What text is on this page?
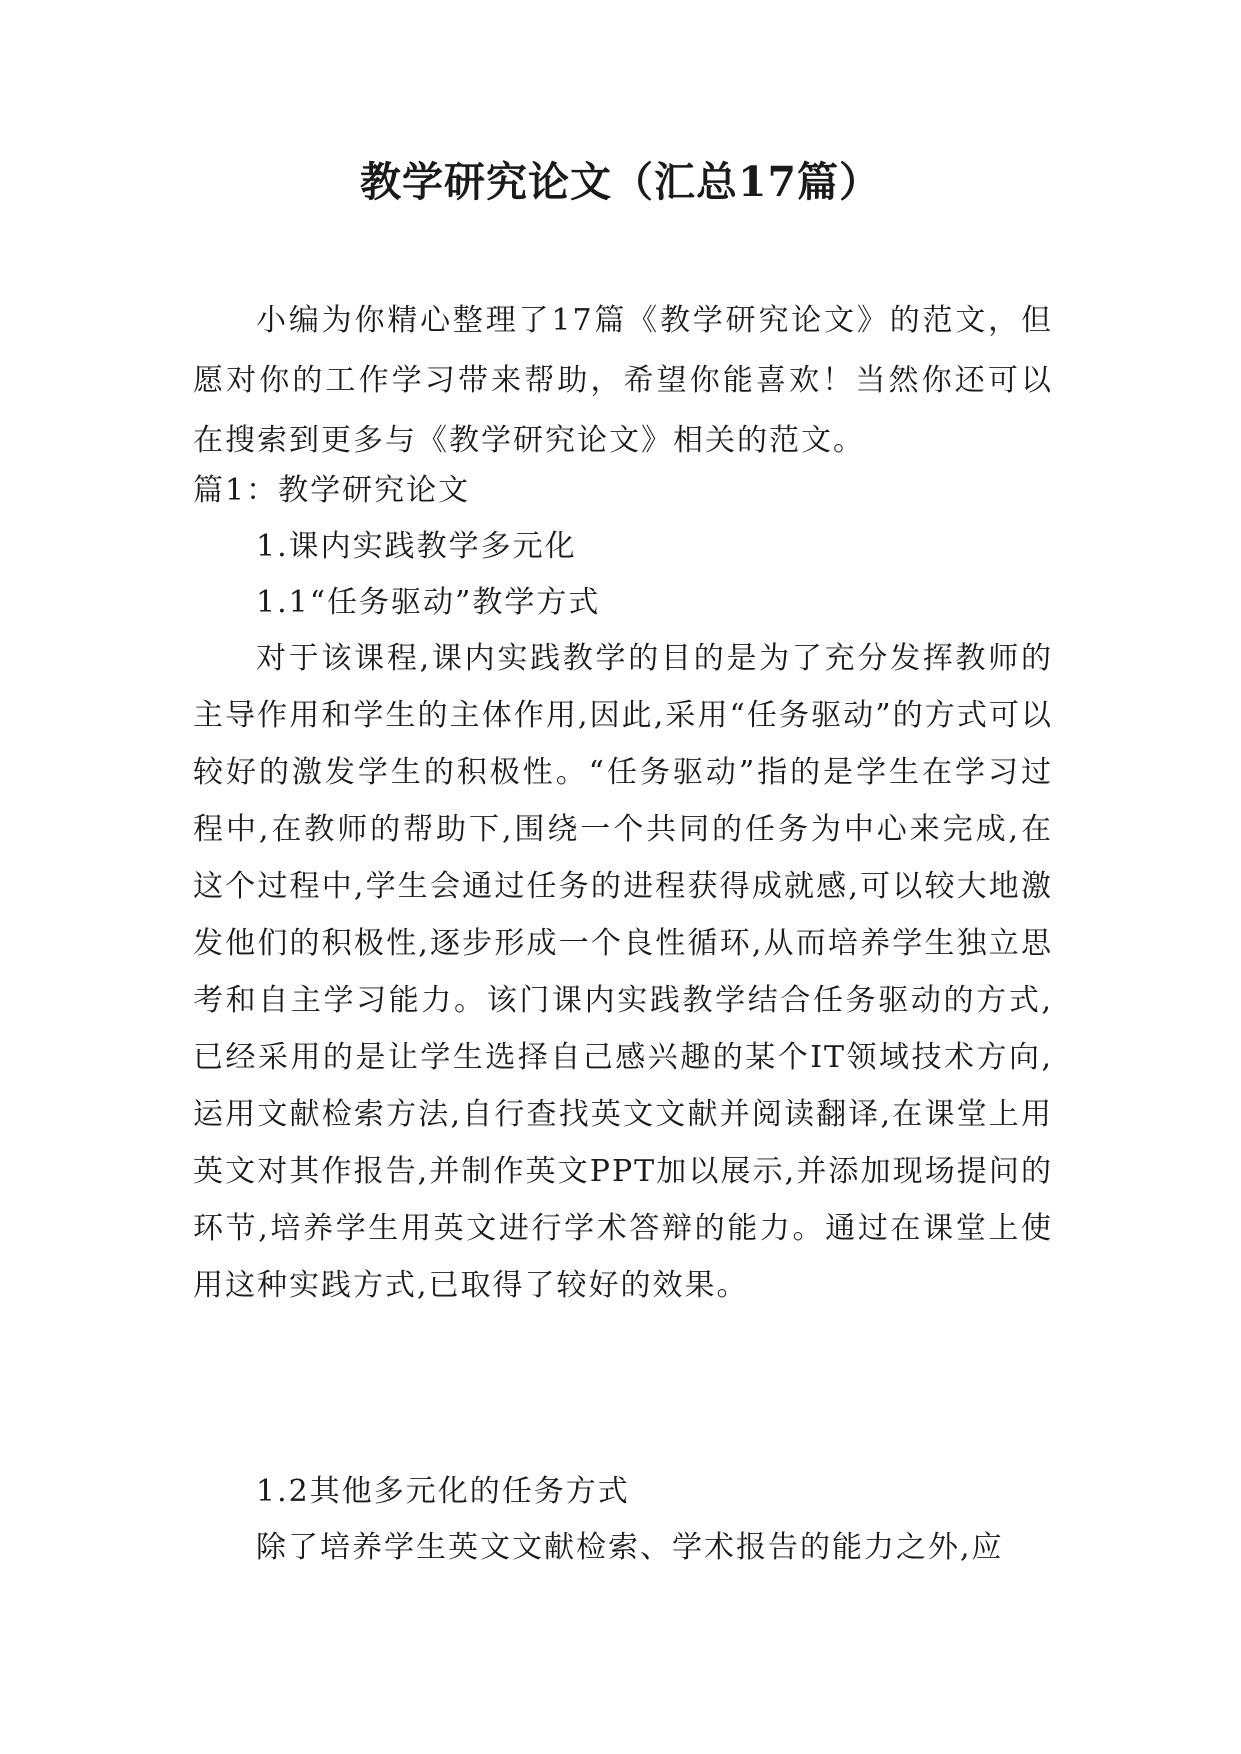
教学研究论文（汇总17篇）

小编为你精心整理了17篇《教学研究论文》的范文，但愿对你的工作学习带来帮助，希望你能喜欢！当然你还可以在搜索到更多与《教学研究论文》相关的范文。

篇1：教学研究论文
1.课内实践教学多元化
1.1“任务驱动”教学方式

对于该课程,课内实践教学的目的是为了充分发挥教师的主导作用和学生的主体作用,因此,采用“任务驱动”的方式可以较好的激发学生的积极性。“任务驱动”指的是学生在学习过程中,在教师的帮助下,围绕一个共同的任务为中心来完成,在这个过程中,学生会通过任务的进程获得成就感,可以较大地激发他们的积极性,逐步形成一个良性循环,从而培养学生独立思考和自主学习能力。该门课内实践教学结合任务驱动的方式,已经采用的是让学生选择自己感兴趣的某个IT领域技术方向,运用文献检索方法,自行查找英文文献并阅读翻译,在课堂上用英文对其作报告,并制作英文PPT加以展示,并添加现场提问的环节,培养学生用英文进行学术答辩的能力。通过在课堂上使用这种实践方式,已取得了较好的效果。

1.2其他多元化的任务方式

除了培养学生英文文献检索、学术报告的能力之外,应
